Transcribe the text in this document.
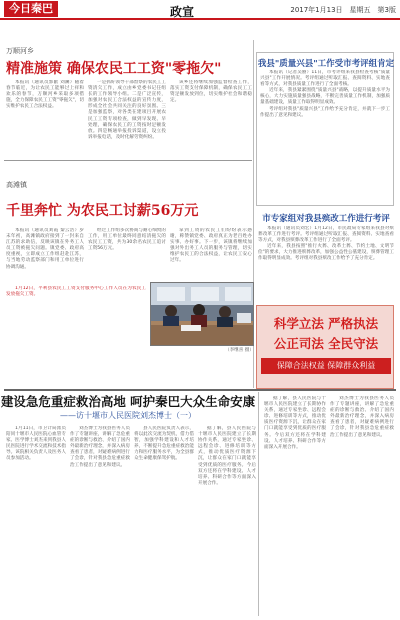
今日秦巴	政宣	2017年1月13日　星期五　第3版
万顺河乡
精准施策 确保农民工工资"零拖欠"

本报讯（通讯员郭献 刘澜）随着春节临近，为让农民工能够过上祥和欢乐的春节，万顺河乡采取多项措施，全力保障农民工工资"零拖欠"，切实维护农民工合法权益。

一是抓好领导干部督察的农民工工资清欠工作，成立由乡党委书记任组长的工作领导小组。二是广泛宣传，加强对农民工合法权益的宣传力度，形成全社会共同关注的良好氛围。三是加强监察，对各类在建项目开展农民工工资专项检查，做到早发现、早处理，确保农民工的工资按时足额发放。四是畅通举报投诉渠道，设立投诉举报电话，及时化解劳资纠纷。

该乡还将继续加强监督检查工作，落实工资支付保障机制，确保农民工工资足额发放到位，切实维护社会和谐稳定。

高滩镇
千里奔忙 为农民工讨薪56万元

本报讯（通讯员刘霞 秦云浩）岁末年初，高滩镇政府接到了一封来自江苏的求助信，反映该镇在外务工人员工资被拖欠问题。镇党委、政府高度重视，立即成立工作组赶赴江苏，与当地劳动监察部门和用工单位进行协调沟通。

经过工作组多次协商与耐心细致的工作，用工单位最终同意结清拖欠的农民工工资，共为30余名农民工追讨工资56万元。

拿到工资的农民工们纷纷表示感谢，称赞镇党委、政府真正为老百姓办实事、办好事。下一步，该镇将继续加强对外出务工人员的服务与管理，切实维护农民工的合法权益，让农民工安心过年。

我县"质量兴县"工作受市考评组肯定

本报讯（记者吴丽）11日，市考评组来我县检查考核"质量兴县"工作开展情况。考评组通过听取汇报、查阅资料、实地查看等方式，对我县质量工作进行了全面考核。

近年来，我县紧紧围绕"质量兴县"战略，以提升质量水平为核心，大力实施质量强县战略，不断完善质量工作机制，加强质量基础建设，质量工作取得明显成效。

考评组对我县"质量兴县"工作给予充分肯定，并就下一步工作提出了意见和建议。

市专家组对我县殡改工作进行考评

本报讯（通讯员刘宏）1月12日，市民政局专家组来我县对殡葬改革工作进行考评。考评组通过听取汇报、查阅资料、实地查看等方式，对我县殡葬改革工作进行了全面考评。

近年来，我县按照"推行火葬、改革土葬、节约土地、文明节俭"的要求，大力推进殡葬改革，加强公益性公墓建设，殡葬管理工作取得明显成效。考评组对我县殡改工作给予了充分肯定。

1月12日，平利县农民工工资支付服务中心工作人员在为农民工发放拖欠工资。

（李继喜 摄）
科学立法 严格执法
公正司法 全民守法
保障合法权益 保障群众利益
建设急危重症救治高地 呵护秦巴大众生命安康
——访十堰市人民医院刘杰博士（一）

1月11日，市卫计局派员陪同十堰市人民医院心血管专家、医学博士刘杰来到我县人民医院进行学术交流和技术指导。该院相关负责人及医务人员参加活动。

刘杰博士为我县医务人员作了专题讲座，讲解了急危重症的诊断与救治、介绍了国内外最新治疗理念，并深入病房查看了患者，对疑难病例进行了会诊，针对我县急危重症救治工作提出了意见和建议。

县人民医院负责人表示，将以此次交流为契机，借力借智，加强学科建设和人才培养，不断提升急危重症救治能力和医疗服务水平，为全县群众生命健康保驾护航。

据了解，县人民医院与十堰市人民医院建立了长期协作关系，通过专家坐诊、远程会诊、进修培训等方式，推动优质医疗资源下沉，让群众在家门口就能享受到优质的医疗服务。今后双方还将在学科建设、人才培养、科研合作等方面深入开展合作。

据了解，县人民医院与十堰市人民医院建立了长期协作关系，通过专家坐诊、远程会诊、进修培训等方式，推动优质医疗资源下沉，让群众在家门口就能享受到优质的医疗服务。今后双方还将在学科建设、人才培养、科研合作等方面深入开展合作。

刘杰博士为我县医务人员作了专题讲座，讲解了急危重症的诊断与救治、介绍了国内外最新治疗理念，并深入病房查看了患者，对疑难病例进行了会诊，针对我县急危重症救治工作提出了意见和建议。
